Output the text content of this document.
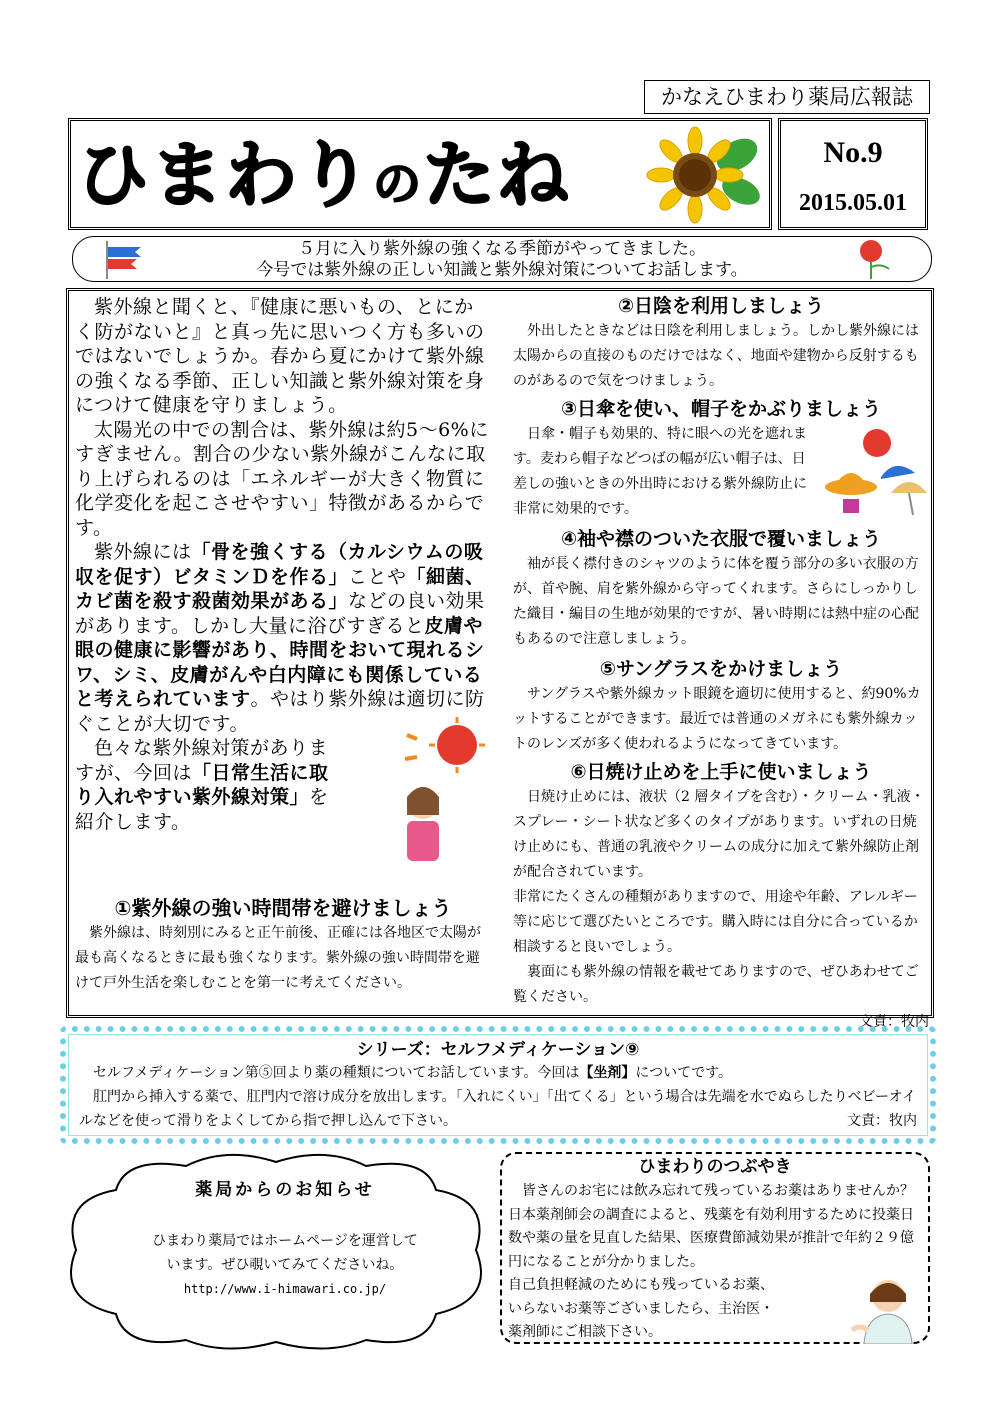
かなえひまわり薬局広報誌
ひまわりのたね	No.9
2015.05.01
５月に入り紫外線の強くなる季節がやってきました。
今号では紫外線の正しい知識と紫外線対策についてお話します。

紫外線と聞くと、『健康に悪いもの、とにかく防がないと』と真っ先に思いつく方も多いのではないでしょうか。春から夏にかけて紫外線の強くなる季節、正しい知識と紫外線対策を身につけて健康を守りましょう。

太陽光の中での割合は、紫外線は約5～6%にすぎません。割合の少ない紫外線がこんなに取り上げられるのは「エネルギーが大きく物質に化学変化を起こさせやすい」特徴があるからです。

紫外線には「骨を強くする（カルシウムの吸収を促す）ビタミンＤを作る」ことや「細菌、カビ菌を殺す殺菌効果がある」などの良い効果があります。しかし大量に浴びすぎると皮膚や眼の健康に影響があり、時間をおいて現れるシワ、シミ、皮膚がんや白内障にも関係していると考えられています。やはり紫外線は適切に防ぐことが大切です。

色々な紫外線対策がありますが、今回は「日常生活に取り入れやすい紫外線対策」を紹介します。

①紫外線の強い時間帯を避けましょう

紫外線は、時刻別にみると正午前後、正確には各地区で太陽が最も高くなるときに最も強くなります。紫外線の強い時間帯を避けて戸外生活を楽しむことを第一に考えてください。

②日陰を利用しましょう

外出したときなどは日陰を利用しましょう。しかし紫外線には太陽からの直接のものだけではなく、地面や建物から反射するものがあるので気をつけましょう。

③日傘を使い、帽子をかぶりましょう

日傘・帽子も効果的、特に眼への光を遮れます。麦わら帽子などつばの幅が広い帽子は、日差しの強いときの外出時における紫外線防止に非常に効果的です。

④袖や襟のついた衣服で覆いましょう

袖が長く襟付きのシャツのように体を覆う部分の多い衣服の方が、首や腕、肩を紫外線から守ってくれます。さらにしっかりした織目・編目の生地が効果的ですが、暑い時期には熱中症の心配もあるので注意しましょう。

⑤サングラスをかけましょう

サングラスや紫外線カット眼鏡を適切に使用すると、約90%カットすることができます。最近では普通のメガネにも紫外線カットのレンズが多く使われるようになってきています。

⑥日焼け止めを上手に使いましょう

日焼け止めには、液状（2 層タイプを含む）・クリーム・乳液・スプレー・シート状など多くのタイプがあります。いずれの日焼け止めにも、普通の乳液やクリームの成分に加えて紫外線防止剤が配合されています。

非常にたくさんの種類がありますので、用途や年齢、アレルギー等に応じて選びたいところです。購入時には自分に合っているか相談すると良いでしょう。

裏面にも紫外線の情報を載せてありますので、ぜひあわせてご覧ください。

文責：牧内
シリーズ：セルフメディケーション⑨

セルフメディケーション第⑤回より薬の種類についてお話しています。今回は【坐剤】についてです。

肛門から挿入する薬で、肛門内で溶け成分を放出します。「入れにくい」「出てくる」という場合は先端を水でぬらしたりベビーオイルなどを使って滑りをよくしてから指で押し込んで下さい。	文責：牧内
薬局からのお知らせ
ひまわり薬局ではホームページを運営して
います。ぜひ覗いてみてくださいね。
http://www.i-himawari.co.jp/
ひまわりのつぶやき

皆さんのお宅には飲み忘れて残っているお薬はありませんか？日本薬剤師会の調査によると、残薬を有効利用するために投薬日数や薬の量を見直した結果、医療費節減効果が推計で年約２９億円になることが分かりました。

自己負担軽減のためにも残っているお薬、
いらないお薬等ございましたら、主治医・
薬剤師にご相談下さい。
